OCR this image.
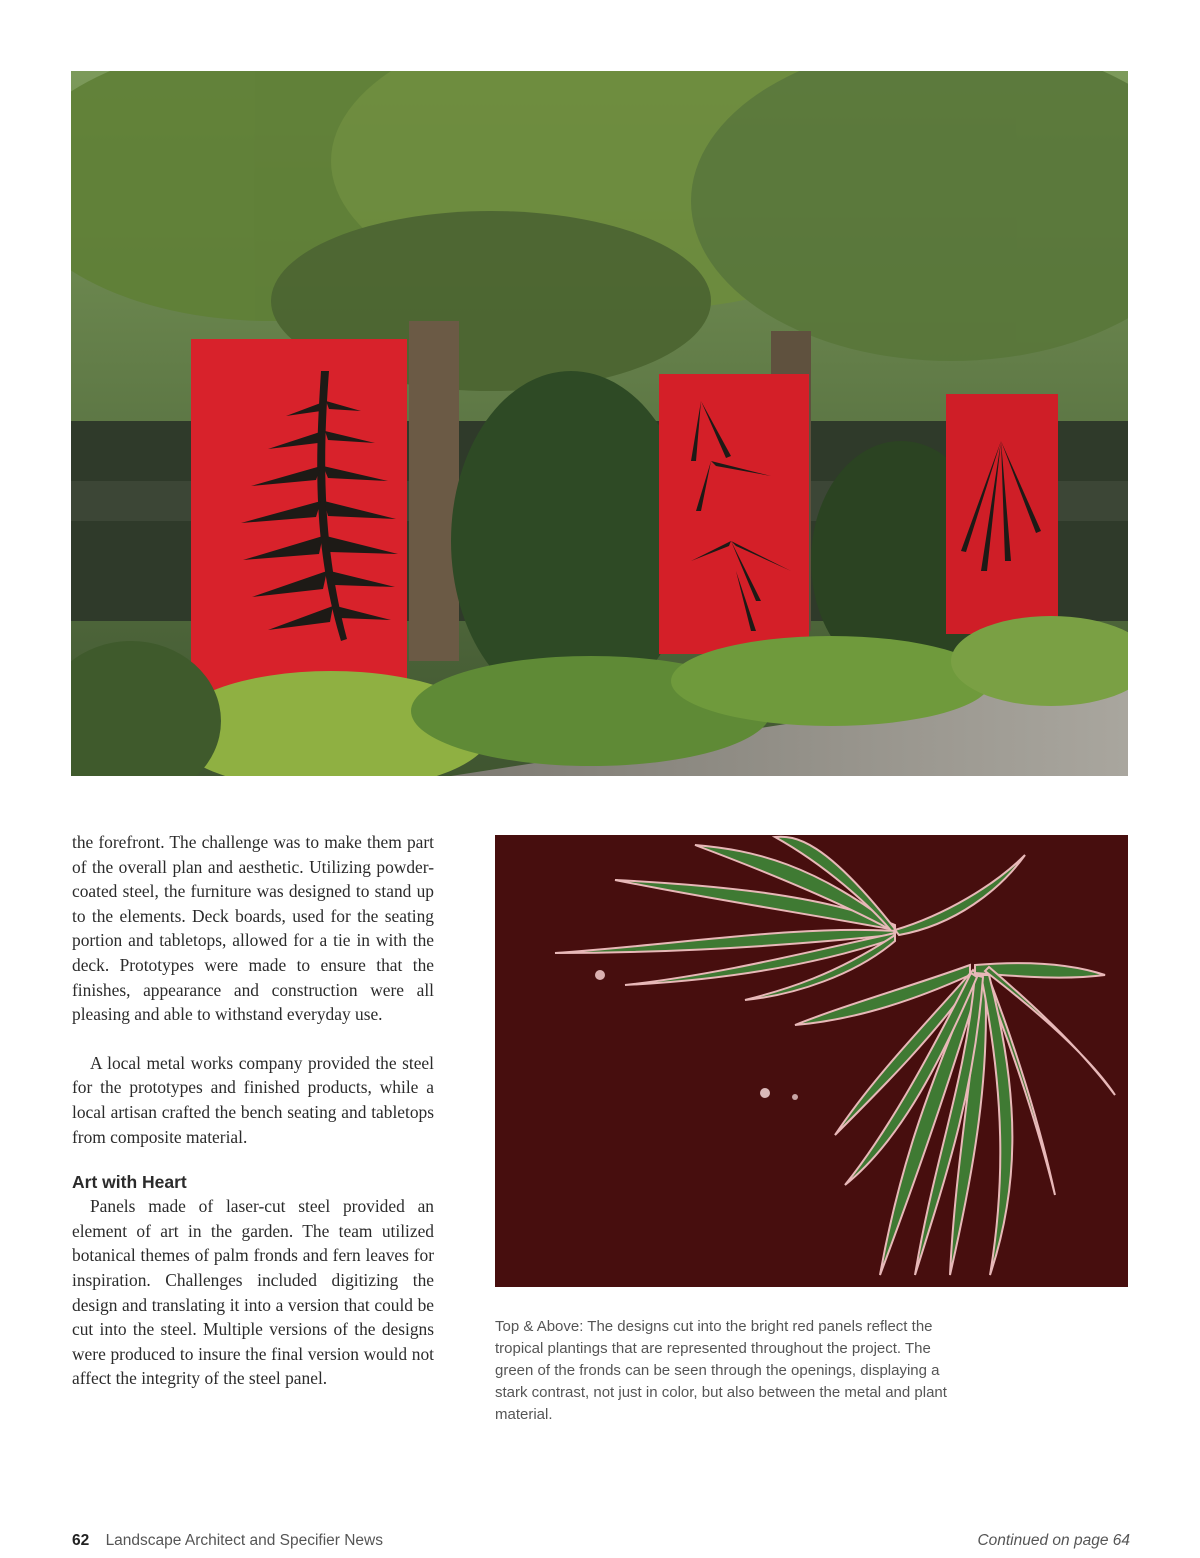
the forefront. The challenge was to make them part of the overall plan and aesthetic. Utilizing powder-coated steel, the furniture was designed to stand up to the elements. Deck boards, used for the seating portion and tabletops, allowed for a tie in with the deck. Prototypes were made to ensure that the finishes, appearance and construction were all pleasing and able to withstand everyday use.

A local metal works company provided the steel for the prototypes and finished products, while a local artisan crafted the bench seating and tabletops from composite material.

Art with Heart

Panels made of laser-cut steel provided an element of art in the garden. The team utilized botanical themes of palm fronds and fern leaves for inspiration. Challenges included digitizing the design and translating it into a version that could be cut into the steel. Multiple versions of the designs were produced to insure the final version would not affect the integrity of the steel panel.

Top & Above: The designs cut into the bright red panels reflect the tropical plantings that are represented throughout the project. The green of the fronds can be seen through the openings, displaying a stark contrast, not just in color, but also between the metal and plant material.
62 Landscape Architect and Specifier News	Continued on page 64
